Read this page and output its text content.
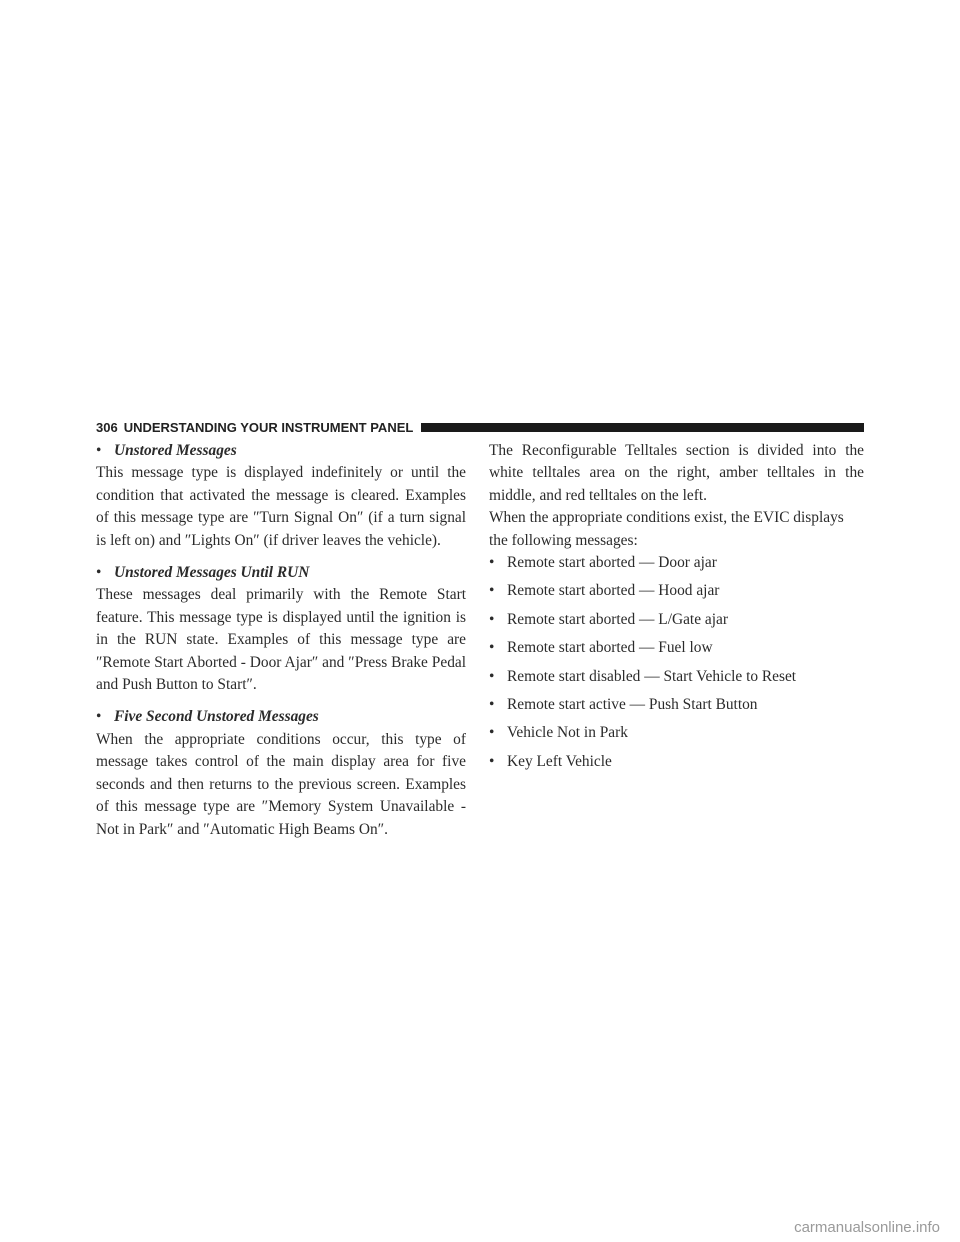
306 UNDERSTANDING YOUR INSTRUMENT PANEL
• Unstored Messages

This message type is displayed indefinitely or until the condition that activated the message is cleared. Examples of this message type are ″Turn Signal On″ (if a turn signal is left on) and ″Lights On″ (if driver leaves the vehicle).

• Unstored Messages Until RUN

These messages deal primarily with the Remote Start feature. This message type is displayed until the ignition is in the RUN state. Examples of this message type are ″Remote Start Aborted - Door Ajar″ and ″Press Brake Pedal and Push Button to Start″.

• Five Second Unstored Messages

When the appropriate conditions occur, this type of message takes control of the main display area for five seconds and then returns to the previous screen. Examples of this message type are ″Memory System Unavailable - Not in Park″ and ″Automatic High Beams On″.

The Reconfigurable Telltales section is divided into the white telltales area on the right, amber telltales in the middle, and red telltales on the left.

When the appropriate conditions exist, the EVIC displays the following messages:

• Remote start aborted — Door ajar
• Remote start aborted — Hood ajar
• Remote start aborted — L/Gate ajar
• Remote start aborted — Fuel low
• Remote start disabled — Start Vehicle to Reset
• Remote start active — Push Start Button
• Vehicle Not in Park
• Key Left Vehicle
carmanualsonline.info
